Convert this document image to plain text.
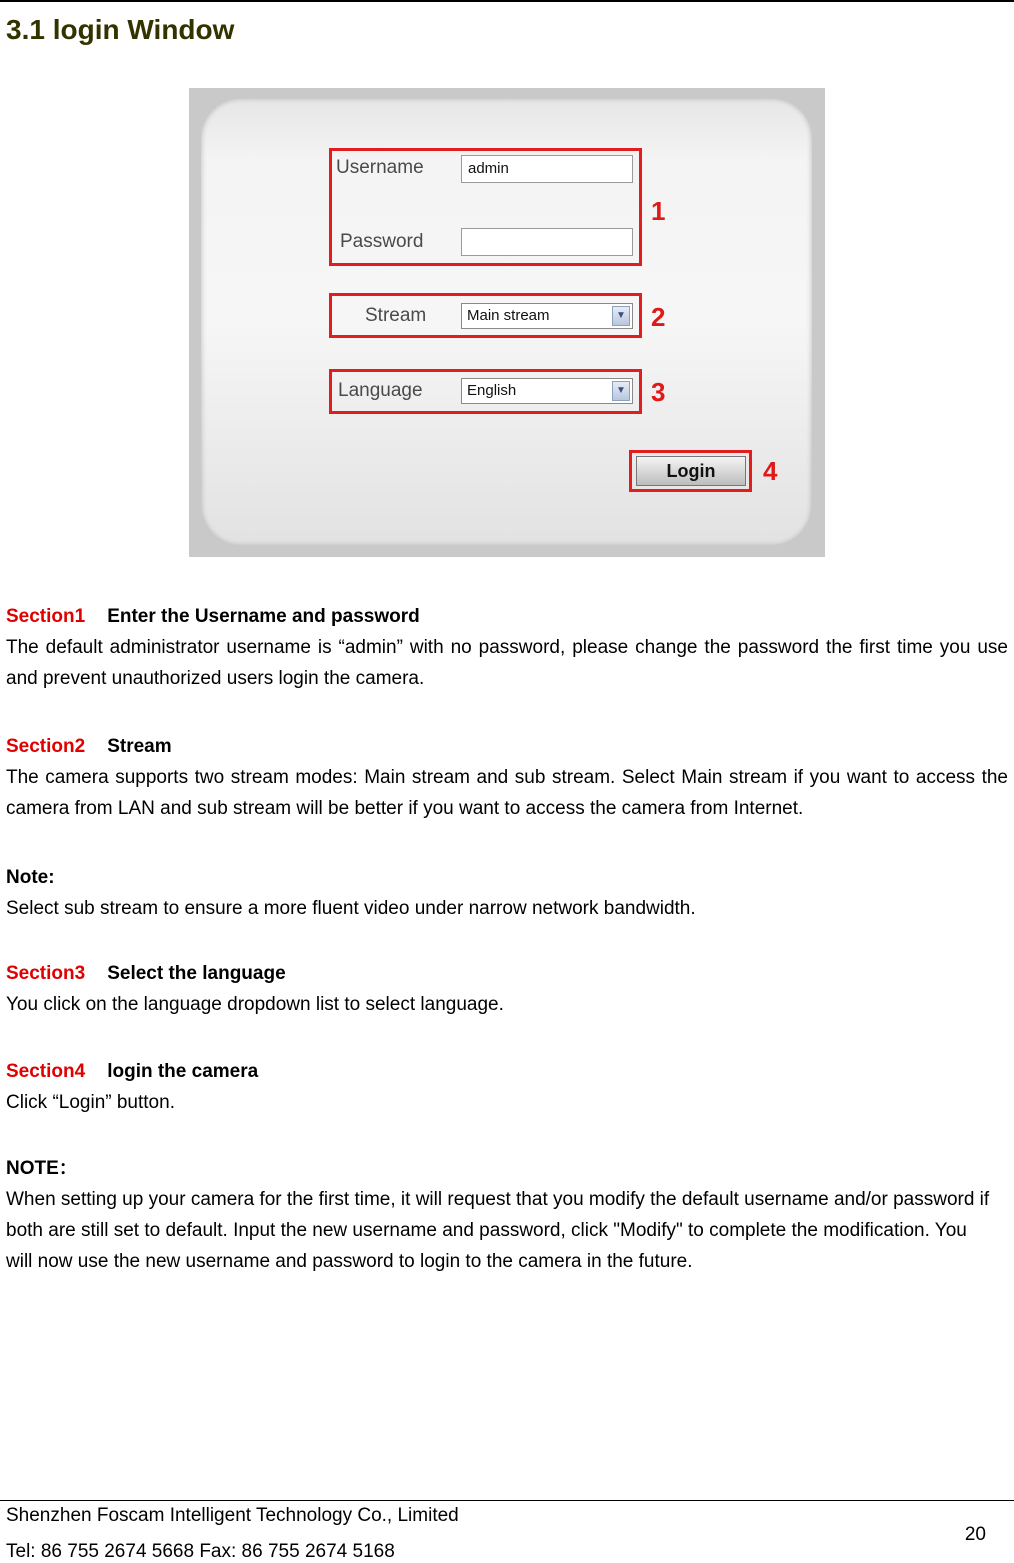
3.1 login Window
Username	admin
Password
1
Stream	Main stream	▼ 2
Language	English	▼ 3
Login	4
Section1 Enter the Username and password
The default administrator username is “admin” with no password, please change the password the first time you use and prevent unauthorized users login the camera.
Section2 Stream
The camera supports two stream modes: Main stream and sub stream. Select Main stream if you want to access the camera from LAN and sub stream will be better if you want to access the camera from Internet.
Note:
Select sub stream to ensure a more fluent video under narrow network bandwidth.
Section3 Select the language
You click on the language dropdown list to select language.
Section4 login the camera
Click “Login” button.
NOTE：
When setting up your camera for the first time, it will request that you modify the default username and/or password if both are still set to default. Input the new username and password, click "Modify" to complete the modification. You will now use the new username and password to login to the camera in the future.
Shenzhen Foscam Intelligent Technology Co., Limited
Tel: 86 755 2674 5668 Fax: 86 755 2674 5168
20
